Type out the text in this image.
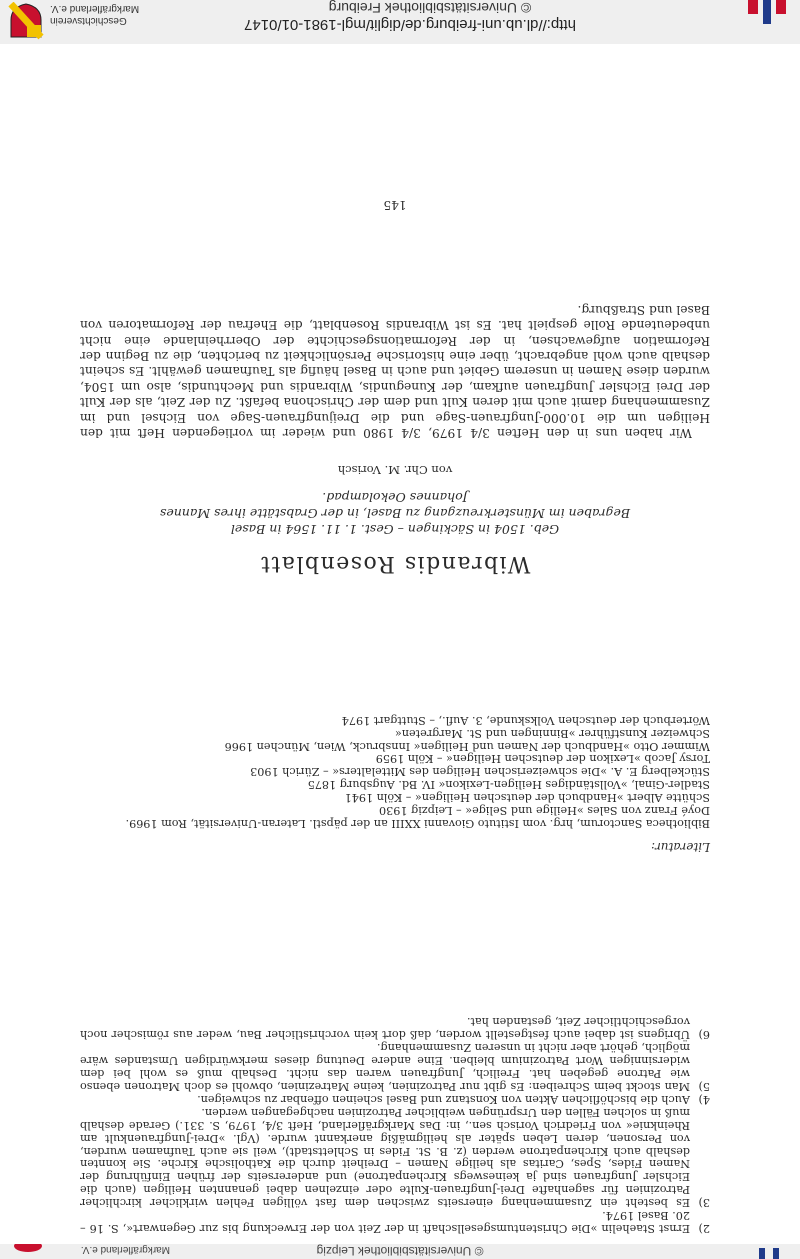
Geschichtsverein
Markgräflerland e.V.	© Universitätsbibliothek Freiburg
http://dl.ub.uni-freiburg.de/diglit/mgl-1981-01/0147
2)
Ernst Staehelin »Die Christentumsgesellschaft in der Zeit von der Erweckung bis zur Gegenwart«, S. 16 – 20. Basel 1974.
3)
Es besteht ein Zusammenhang einerseits zwischen dem fast völligen Fehlen wirklicher kirchlicher Patrozinien für sagenhafte Drei-Jungfrauen-Kulte oder einzelnen dabei genannten Heiligen (auch die Eichsler Jungfrauen sind ja keineswegs Kirchenpatrone) und andererseits der frühen Einführung der Namen Fides, Spes, Caritas als heilige Namen – Dreiheit durch die Katholische Kirche. Sie konnten deshalb auch Kirchenpatrone werden (z. B. St. Fides in Schlettstadt), weil sie auch Taufnamen wurden, von Personen, deren Leben später als heiligmäßig anerkannt wurde. (Vgl. »Drei-Jungfrauenkult am Rheinknie« von Friedrich Vorisch sen., in: Das Markgräflerland, Heft 3/4, 1979, S. 331.) Gerade deshalb muß in solchen Fällen den Ursprüngen weiblicher Patrozinien nachgegangen werden.
4)
Auch die bischöflichen Akten von Konstanz und Basel scheinen offenbar zu schweigen.
5)
Man stockt beim Schreiben: Es gibt nur Patrozinien, keine Matrezinien, obwohl es doch Matronen ebenso wie Patrone gegeben hat. Freilich, Jungfrauen waren das nicht. Deshalb muß es wohl bei dem widersinnigen Wort Patrozinium bleiben. Eine andere Deutung dieses merkwürdigen Umstandes wäre möglich, gehört aber nicht in unseren Zusammenhang.
6)
Übrigens ist dabei auch festgestellt worden, daß dort kein vorchristlicher Bau, weder aus römischer noch vorgeschichtlicher Zeit, gestanden hat.
Literatur:

Bibliotheca Sanctorum, hrg. vom Istituto Giovanni XXIII an der päpstl. Lateran-Universität, Rom 1969.

Doyé Franz von Sales »Heilige und Selige« – Leipzig 1930

Schütte Albert »Handbuch der deutschen Heiligen« – Köln 1941

Stadler-Ginal, »Vollständiges Heiligen-Lexikon« IV. Bd. Augsburg 1875

Stückelberg E. A. »Die schweizerischen Heiligen des Mittelalters« – Zürich 1903

Torsy Jacob »Lexikon der deutschen Heiligen« – Köln 1959

Wimmer Otto »Handbuch der Namen und Heiligen« Innsbruck, Wien, München 1966

Schweizer Kunstführer »Binningen und St. Margreten«

Wörterbuch der deutschen Volkskunde, 3. Aufl., – Stuttgart 1974

Wibrandis Rosenblatt
Geb. 1504 in Säckingen – Gest. 1. 11. 1564 in Basel
Begraben im Münsterkreuzgang zu Basel, in der Grabstätte ihres Mannes
Johannes Oekolampad.
von Chr. M. Vorisch

Wir haben uns in den Heften 3/4 1979, 3/4 1980 und wieder im vorliegenden Heft mit den Heiligen um die 10.000-Jungfrauen-Sage und die Dreijungfrauen-Sage von Eichsel und im Zusammenhang damit auch mit deren Kult und dem der Chrischona befaßt. Zu der Zeit, als der Kult der Drei Eichsler Jungfrauen aufkam, der Kunegundis, Wibrandis und Mechtundis, also um 1504, wurden diese Namen in unserem Gebiet und auch in Basel häufig als Taufnamen gewählt. Es scheint deshalb auch wohl angebracht, über eine historische Persönlichkeit zu berichten, die zu Beginn der Reformation aufgewachsen, in der Reformationsgeschichte der Oberrheinlande eine nicht unbedeutende Rolle gespielt hat. Es ist Wibrandis Rosenblatt, die Ehefrau der Reformatoren von Basel und Straßburg.

145
Markgräflerland e.V.	© Universitätsbibliothek Leipzig
